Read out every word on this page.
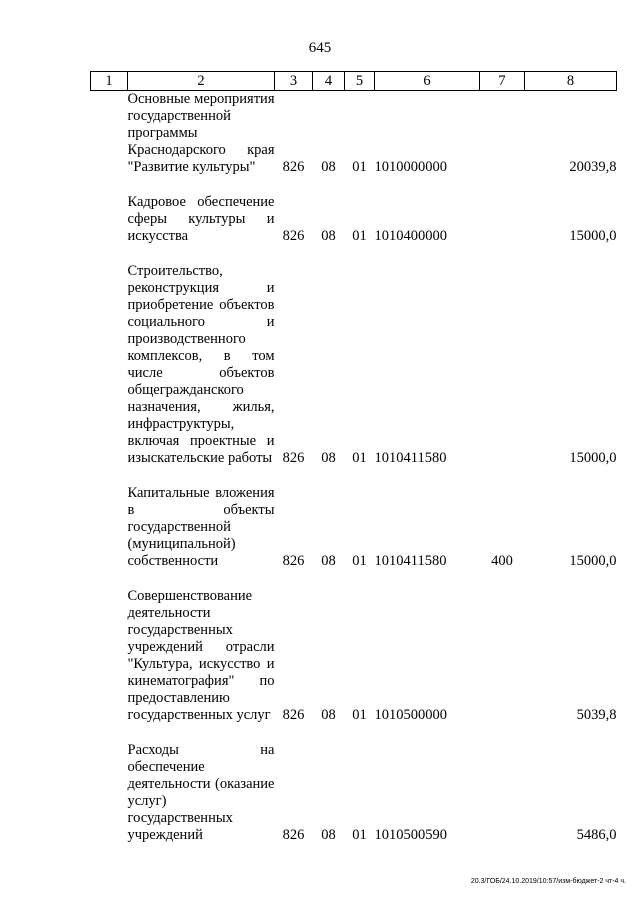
645
1	2	3	4	5	6	7	8
	Основные мероприятия государственной программы Краснодарского края "Развитие культуры"	826	08	01	1010000000		20039,8

	Кадровое обеспечение сферы культуры и искусства	826	08	01	1010400000		15000,0

	Строительство, реконструкция и приобретение объектов социального и производственного комплексов, в том числе объектов общегражданского назначения, жилья, инфраструктуры, включая проектные и изыскательские работы	826	08	01	1010411580		15000,0

	Капитальные вложения в объекты государственной (муниципальной) собственности	826	08	01	1010411580	400	15000,0

	Совершенствование деятельности государственных учреждений отрасли "Культура, искусство и кинематография" по предоставлению государственных услуг	826	08	01	1010500000		5039,8

	Расходы на обеспечение деятельности (оказание услуг) государственных учреждений	826	08	01	1010500590		5486,0
20.3/ГОБ/24.10.2019/10:57/изм-бюджет-2 чт-4 ч.
